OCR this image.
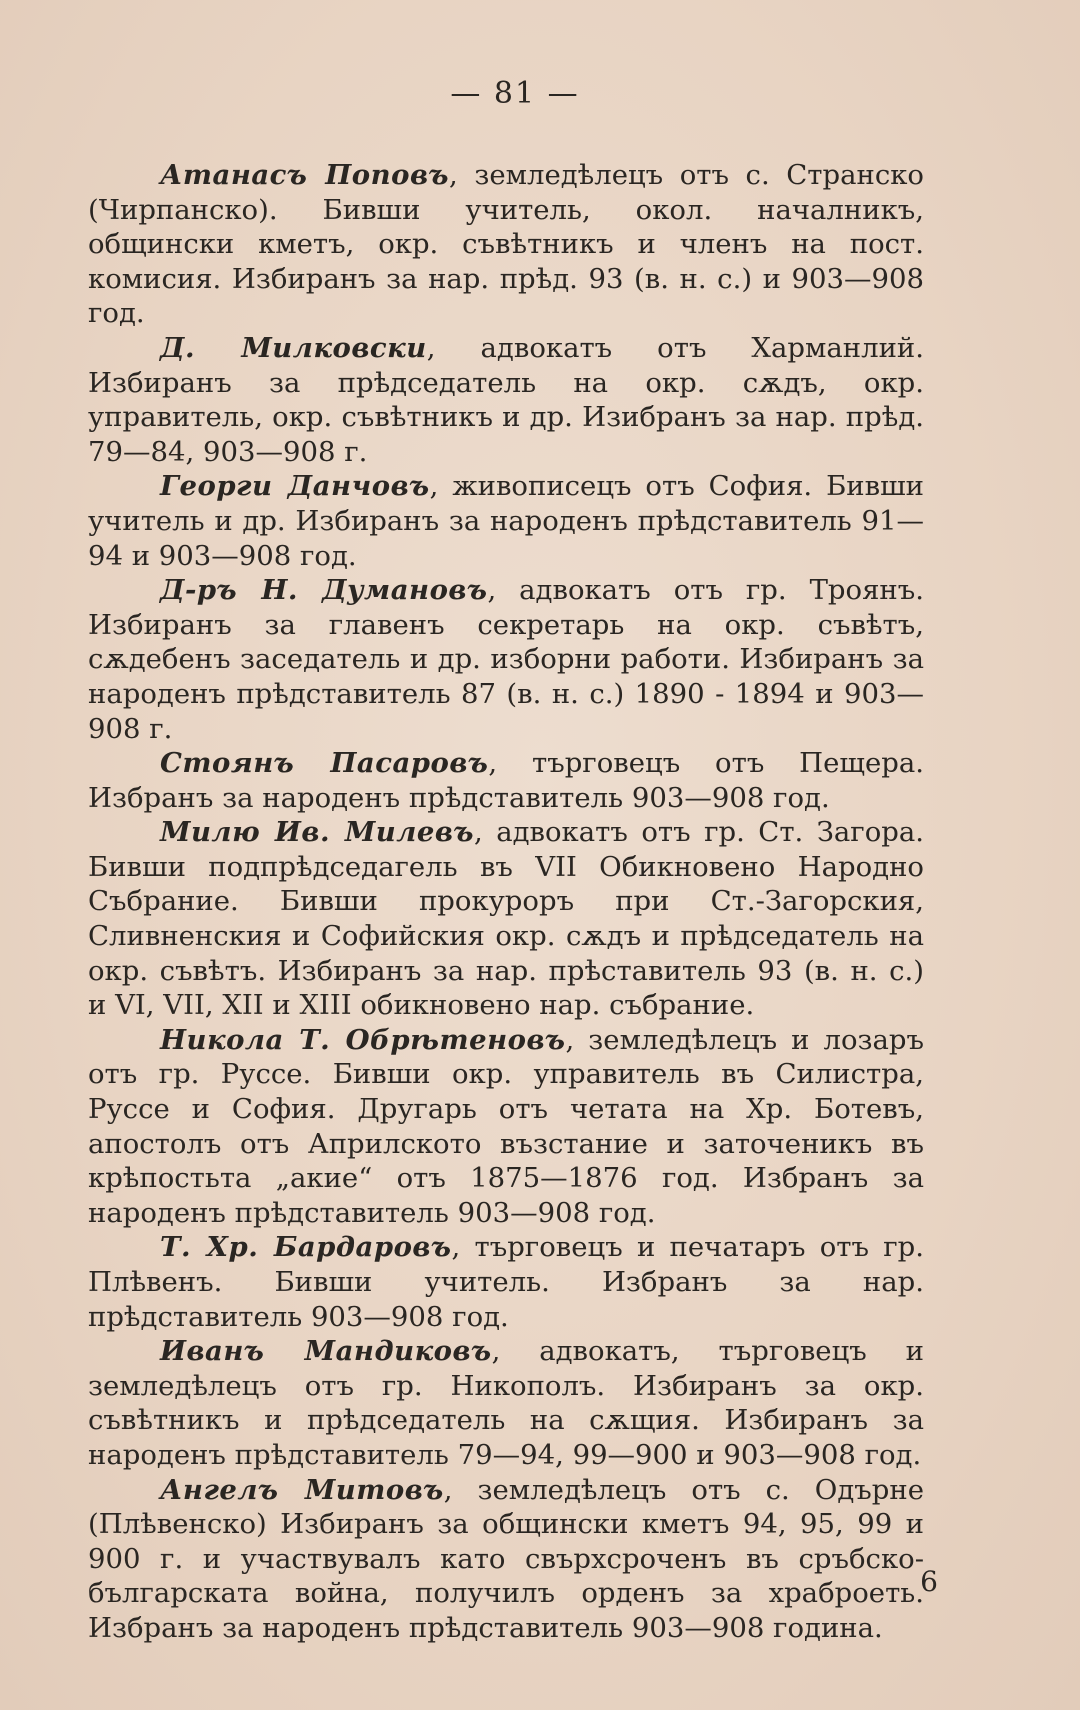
— 81 —

Атанасъ Поповъ, земледѣлецъ отъ с. Странско (Чирпанско). Бивши учитель, окол. началникъ, общински кметъ, окр. съвѣтникъ и членъ на пост. комисия. Избиранъ за нар. прѣд. 93 (в. н. с.) и 903—908 год.

Д. Милковски, адвокатъ отъ Харманлий. Избиранъ за прѣдседатель на окр. сѫдъ, окр. управитель, окр. съвѣтникъ и др. Изибранъ за нар. прѣд. 79—84, 903—908 г.

Георги Данчовъ, живописецъ отъ София. Бивши учитель и др. Избиранъ за народенъ прѣдставитель 91—94 и 903—908 год.

Д-ръ Н. Думановъ, адвокатъ отъ гр. Троянъ. Избиранъ за главенъ секретарь на окр. съвѣтъ, сѫдебенъ заседатель и др. изборни работи. Избиранъ за народенъ прѣдставитель 87 (в. н. с.) 1890 - 1894 и 903—908 г.

Стоянъ Пасаровъ, търговецъ отъ Пещера. Избранъ за народенъ прѣдставитель 903—908 год.

Милю Ив. Милевъ, адвокатъ отъ гр. Ст. Загора. Бивши подпрѣдседагель въ VII Обикновено Народно Събрание. Бивши прокуроръ при Ст.-Загорския, Сливненския и Софийския окр. сѫдъ и прѣдседатель на окр. съвѣтъ. Избиранъ за нар. прѣставитель 93 (в. н. с.) и VI, VII, XII и XIII обикновено нар. събрание.

Никола Т. Обрѣтеновъ, земледѣлецъ и лозаръ отъ гр. Руссе. Бивши окр. управитель въ Силистра, Руссе и София. Другарь отъ четата на Хр. Ботевъ, апостолъ отъ Априлското възстание и заточеникъ въ крѣпостьта „акие“ отъ 1875—1876 год. Избранъ за народенъ прѣдставитель 903—908 год.

Т. Хр. Бардаровъ, търговецъ и печатаръ отъ гр. Плѣвенъ. Бивши учитель. Избранъ за нар. прѣдставитель 903—908 год.

Иванъ Мандиковъ, адвокатъ, търговецъ и земледѣлецъ отъ гр. Никополъ. Избиранъ за окр. съвѣтникъ и прѣдседатель на сѫщия. Избиранъ за народенъ прѣдставитель 79—94, 99—900 и 903—908 год.

Ангелъ Митовъ, земледѣлецъ отъ с. Одърне (Плѣвенско) Избиранъ за общински кметъ 94, 95, 99 и 900 г. и участвувалъ като свърхсроченъ въ сръбско-българската война, получилъ орденъ за храброеть. Избранъ за народенъ прѣдставитель 903—908 година.

6
